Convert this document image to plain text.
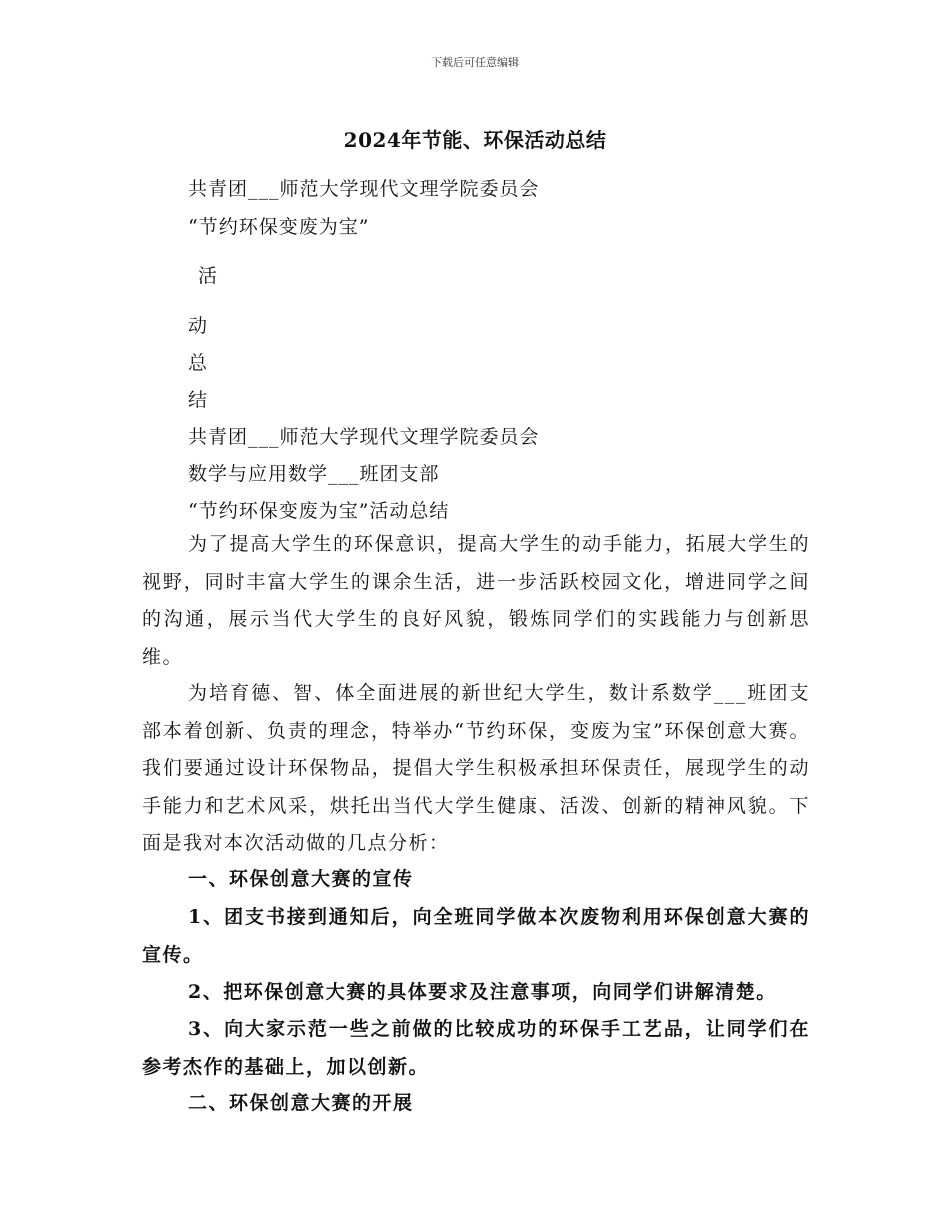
下载后可任意编辑
2024年节能、环保活动总结
共青团___师范大学现代文理学院委员会
“节约环保变废为宝”
活
动
总
结
共青团___师范大学现代文理学院委员会
数学与应用数学___班团支部
“节约环保变废为宝”活动总结
为了提高大学生的环保意识，提高大学生的动手能力，拓展大学生的视野，同时丰富大学生的课余生活，进一步活跃校园文化，增进同学之间的沟通，展示当代大学生的良好风貌，锻炼同学们的实践能力与创新思维。
为培育德、智、体全面进展的新世纪大学生，数计系数学___班团支部本着创新、负责的理念，特举办“节约环保，变废为宝”环保创意大赛。我们要通过设计环保物品，提倡大学生积极承担环保责任，展现学生的动手能力和艺术风采，烘托出当代大学生健康、活泼、创新的精神风貌。下面是我对本次活动做的几点分析：
一、环保创意大赛的宣传
1、团支书接到通知后，向全班同学做本次废物利用环保创意大赛的宣传。
2、把环保创意大赛的具体要求及注意事项，向同学们讲解清楚。
3、向大家示范一些之前做的比较成功的环保手工艺品，让同学们在参考杰作的基础上，加以创新。
二、环保创意大赛的开展
